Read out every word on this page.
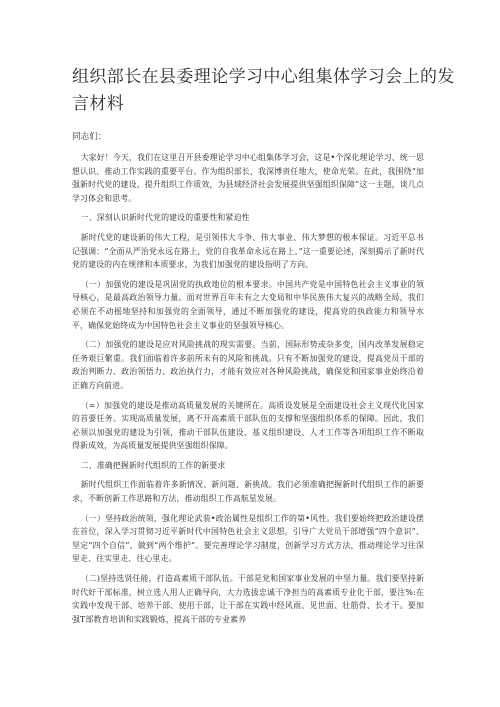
组织部长在县委理论学习中心组集体学习会上的发
言材料
同志们：

大家好！今天，我们在这里召开县委理论学习中心组集体学习会，这是•个深化理论学习、统一思想认识、推动工作实践的重要平台。作为组织部长，我深博责任地大，使命光荣。在此，我围绕“加强新时代党的建设，提升组织工作质效，为县域经济社会发展提供坚强组织保障”这一主题，谈几点学习体会和思考。

一、深刻认识新时代党的建设的重要性和紧迫性

新时代党的建设新的伟大工程，是引领伟大斗争、伟大事业、伟大梦想的根本保证。习近平总书记强调：“全面从严治党永远在路上，党的自我革命永远在路上。”这一重要论述，深刻揭示了新时代党的建设的内在规律和本质要求，为我们加强党的建设指明了方向。

（一）加强党的建设是巩固党的执政地位的根本要求。中国共产党是中国特色社会主义事业的领导核心，是最高政治领导力量。面对世界百年未有之大变局和中华民族伟大复兴的战略全局，我们必须在不动摇地坚持和加强党的全面领导，通过不断加强党的建设，提高党的执政能力和领导水平，确保党始终成为中国特色社会主义事业的坚强领导核心。

（二）加强党的建设是应对风险挑战的现实需要。当前，国际形势或杂多变，国内改革发展稳定任务艰巨繁重。我们面临着许多前所未有的风险和挑战。只有不断加强党的建设，提高党员干部的政治判断力、政治领悟力、政治执行力，才能有效应对各种风险挑战，确保党和国家事业始终沿着正确方向前进。

（=）加强党的建设是推动高质量发展的关键所在。高质设发展是全面建设社会主义现代化国家的首要任务。实现高质量发展，离不开高素质干部队伍的支撑和坚强组织体系的保障。因此，我们必须以加强党的建设为引领，推动干部队伍建设、基义组织建设、人才工作等各项组织工作不断取得新成效，为高质量发展提供坚强组织保障。

二、准确把握新时代组织的工作的新要求

新时代组织工作面临着许多新情况、新问题、新挑战。我们必须准确把握新时代组织工作的新要求，不断创新工作思路和方法，推动组织工作高航星发展。

（一）坚持政治统领，强化理论武装•政治属性是组织工作的第•风性。我们要始终把政治建设摆在首位，深入学习贯彻习近平新时代中国特色社会主义思想，引导广大党员干部增强“四个意识”、坚定“四个自信”、做到“两个维护”。要完善理论学习制度，创新学习方式方法，推动理论学习往深里走、往实里走、往心里走。

（二)坚持选贤任能，打造高素质干部队伍。干部是党和国家事业发展的中坚力量。我们要坚持新时代好干部标准，树立选人用人正确导向，大力选拔忠诚干净担当的高素质专业化干部，要注%:在实践中发现干部、培养干部、使用干部，让干部在实践中经风雨、见世面、壮筋骨、长才干。要加强T部教育培训和实践锻炼，提高干部的专业素养
